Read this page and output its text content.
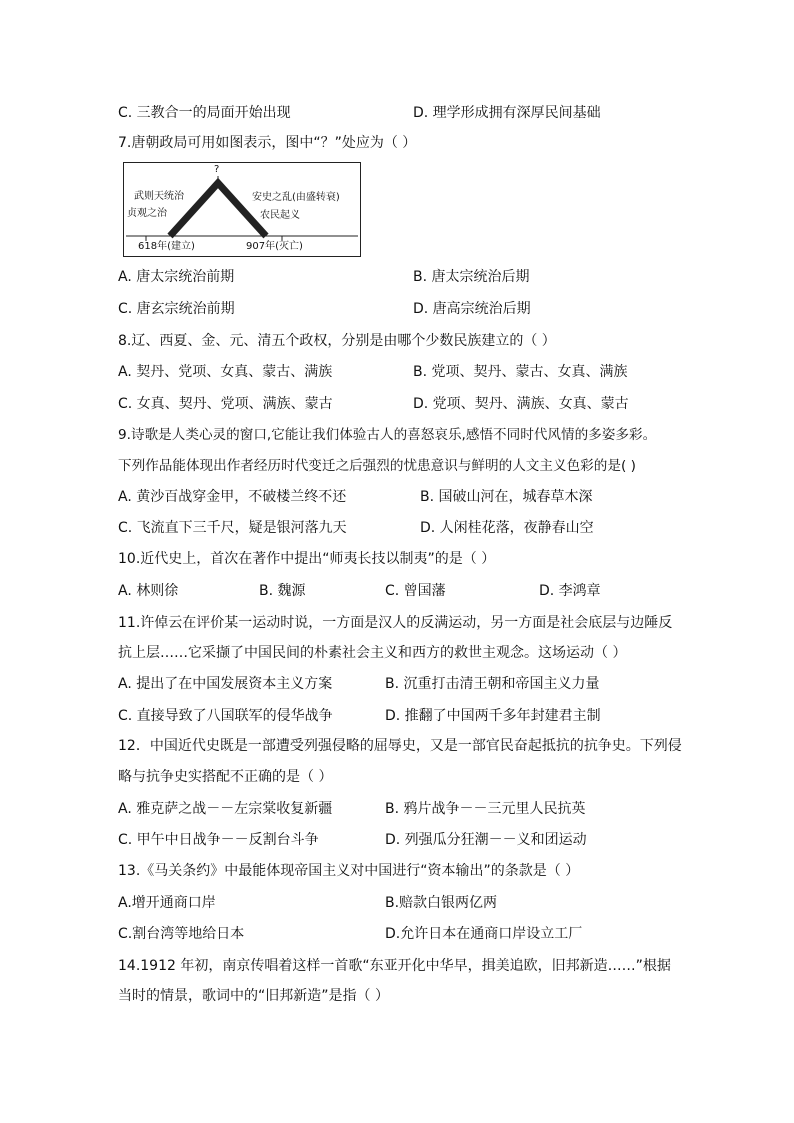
C. 三教合一的局面开始出现	D. 理学形成拥有深厚民间基础
7.唐朝政局可用如图表示，图中“？”处应为（ ）
?
武则天统治
贞观之治
安史之乱(由盛转衰)
农民起义
618年(建立)	907年(灭亡)
A. 唐太宗统治前期	B. 唐太宗统治后期
C. 唐玄宗统治前期	D. 唐高宗统治后期
8.辽、西夏、金、元、清五个政权，分别是由哪个少数民族建立的（ ）
A. 契丹、党项、女真、蒙古、满族	B. 党项、契丹、蒙古、女真、满族
C. 女真、契丹、党项、满族、蒙古	D. 党项、契丹、满族、女真、蒙古
9.诗歌是人类心灵的窗口,它能让我们体验古人的喜怒哀乐,感悟不同时代风情的多姿多彩。
下列作品能体现出作者经历时代变迁之后强烈的忧患意识与鲜明的人文主义色彩的是( )
A. 黄沙百战穿金甲，不破楼兰终不还	B. 国破山河在，城春草木深
C. 飞流直下三千尺，疑是银河落九天	D. 人闲桂花落，夜静春山空
10.近代史上，首次在著作中提出“师夷长技以制夷”的是（ ）
A. 林则徐	B. 魏源	C. 曾国藩	D. 李鸿章
11.许倬云在评价某一运动时说，一方面是汉人的反满运动，另一方面是社会底层与边陲反
抗上层……它采撷了中国民间的朴素社会主义和西方的救世主观念。这场运动（ ）
A. 提出了在中国发展资本主义方案	B. 沉重打击清王朝和帝国主义力量
C. 直接导致了八国联军的侵华战争	D. 推翻了中国两千多年封建君主制
12．中国近代史既是一部遭受列强侵略的屈辱史，又是一部官民奋起抵抗的抗争史。下列侵
略与抗争史实搭配不正确的是（ ）
A. 雅克萨之战－－左宗棠收复新疆	B. 鸦片战争－－三元里人民抗英
C. 甲午中日战争－－反割台斗争	D. 列强瓜分狂潮－－义和团运动
13.《马关条约》中最能体现帝国主义对中国进行“资本输出”的条款是（ ）
A.增开通商口岸	B.赔款白银两亿两
C.割台湾等地给日本	D.允许日本在通商口岸设立工厂
14.1912 年初，南京传唱着这样一首歌“东亚开化中华早，揖美追欧，旧邦新造……”根据
当时的情景，歌词中的“旧邦新造”是指（ ）
